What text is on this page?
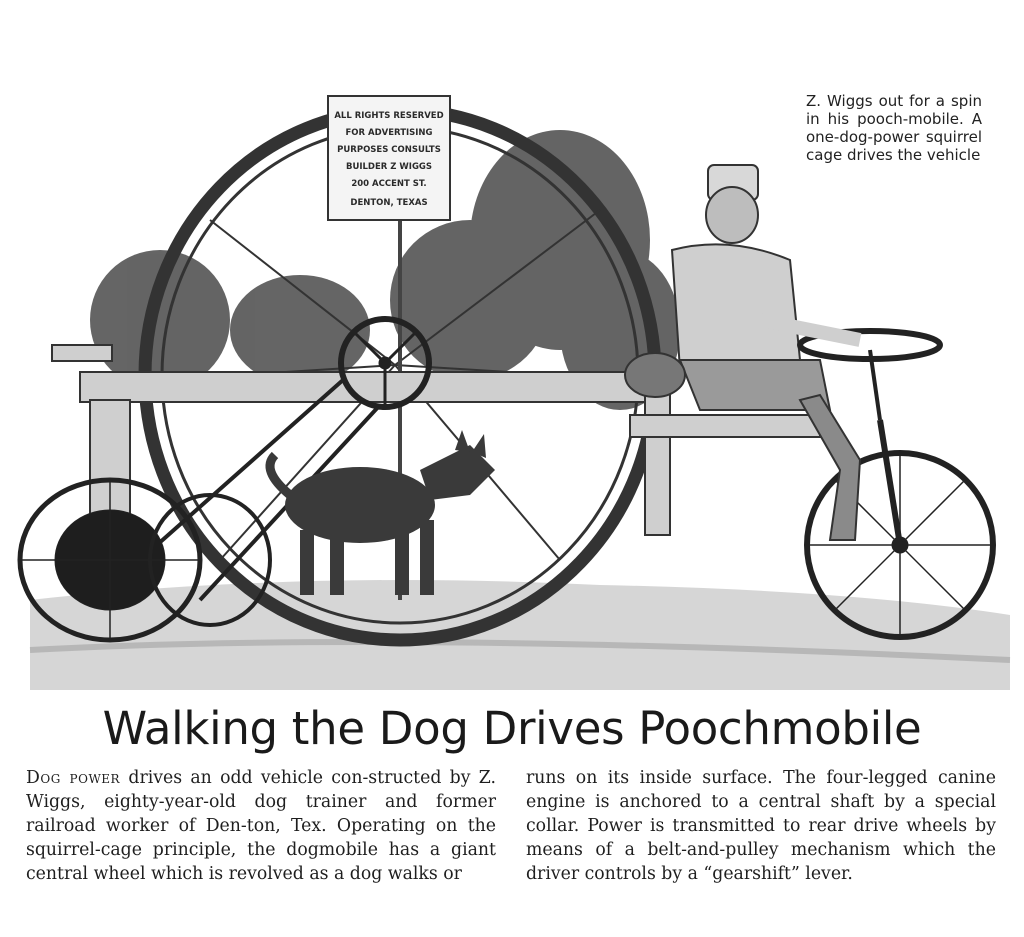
ALL RIGHTS RESERVED
FOR ADVERTISING
PURPOSES CONSULTS
BUILDER Z WIGGS
200 ACCENT ST.
DENTON, TEXAS
Z. Wiggs out for a spin in his pooch-mobile. A one-dog-power squirrel cage drives the vehicle
Walking the Dog Drives Poochmobile
Dog power drives an odd vehicle con-structed by Z. Wiggs, eighty-year-old dog trainer and former railroad worker of Den-ton, Tex. Operating on the squirrel-cage principle, the dogmobile has a giant central wheel which is revolved as a dog walks or
runs on its inside surface. The four-legged canine engine is anchored to a central shaft by a special collar. Power is transmitted to rear drive wheels by means of a belt-and-pulley mechanism which the driver controls by a “gearshift” lever.
